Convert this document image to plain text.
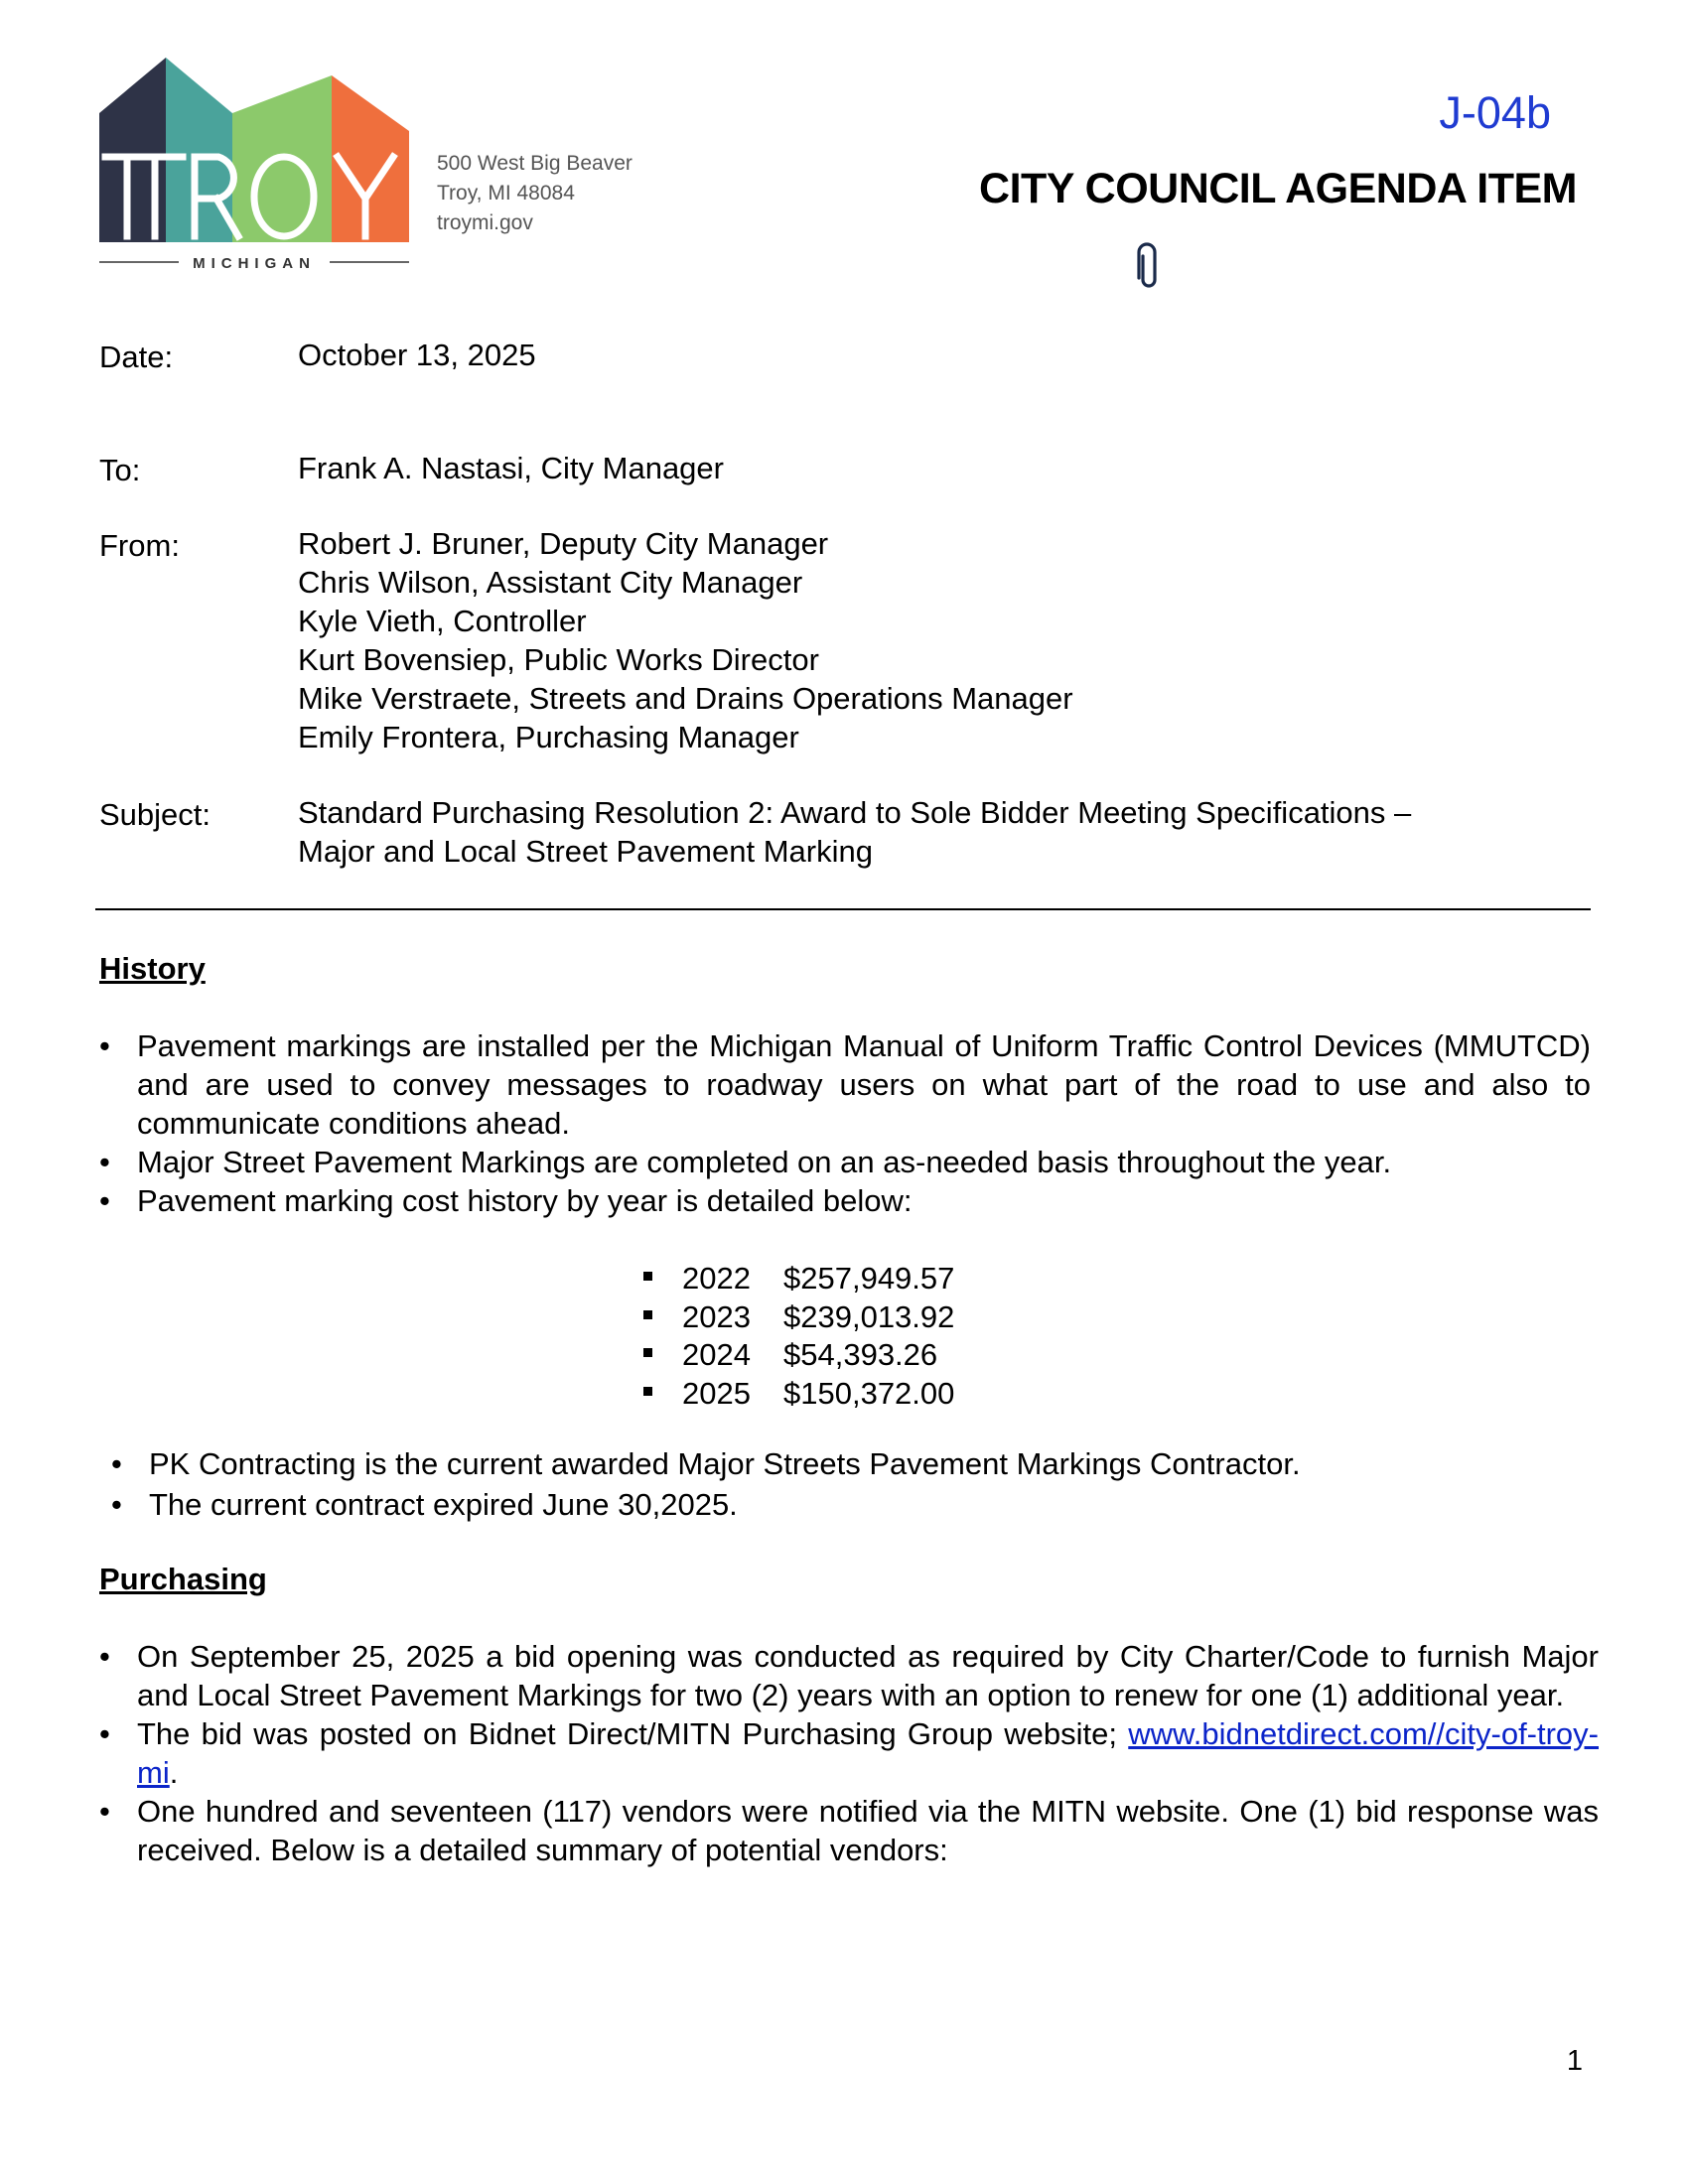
MICHIGAN
500 West Big Beaver
Troy, MI 48084
troymi.gov
J-04b
CITY COUNCIL AGENDA ITEM
Date:	October 13, 2025
To:	Frank A. Nastasi, City Manager
From:	Robert J. Bruner, Deputy City Manager
Chris Wilson, Assistant City Manager
Kyle Vieth, Controller
Kurt Bovensiep, Public Works Director
Mike Verstraete, Streets and Drains Operations Manager
Emily Frontera, Purchasing Manager
Subject:	Standard Purchasing Resolution 2: Award to Sole Bidder Meeting Specifications –
Major and Local Street Pavement Marking
History
• Pavement markings are installed per the Michigan Manual of Uniform Traffic Control Devices (MMUTCD) and are used to convey messages to roadway users on what part of the road to use and also to communicate conditions ahead.
• Major Street Pavement Markings are completed on an as-needed basis throughout the year.
• Pavement marking cost history by year is detailed below:
2022 $257,949.57
2023 $239,013.92
2024 $54,393.26
2025 $150,372.00
• PK Contracting is the current awarded Major Streets Pavement Markings Contractor.
• The current contract expired June 30,2025.
Purchasing
• On September 25, 2025 a bid opening was conducted as required by City Charter/Code to furnish Major and Local Street Pavement Markings for two (2) years with an option to renew for one (1) additional year.
• The bid was posted on Bidnet Direct/MITN Purchasing Group website; www.bidnetdirect.com//city-of-troy-mi.
• One hundred and seventeen (117) vendors were notified via the MITN website. One (1) bid response was received. Below is a detailed summary of potential vendors:
1
